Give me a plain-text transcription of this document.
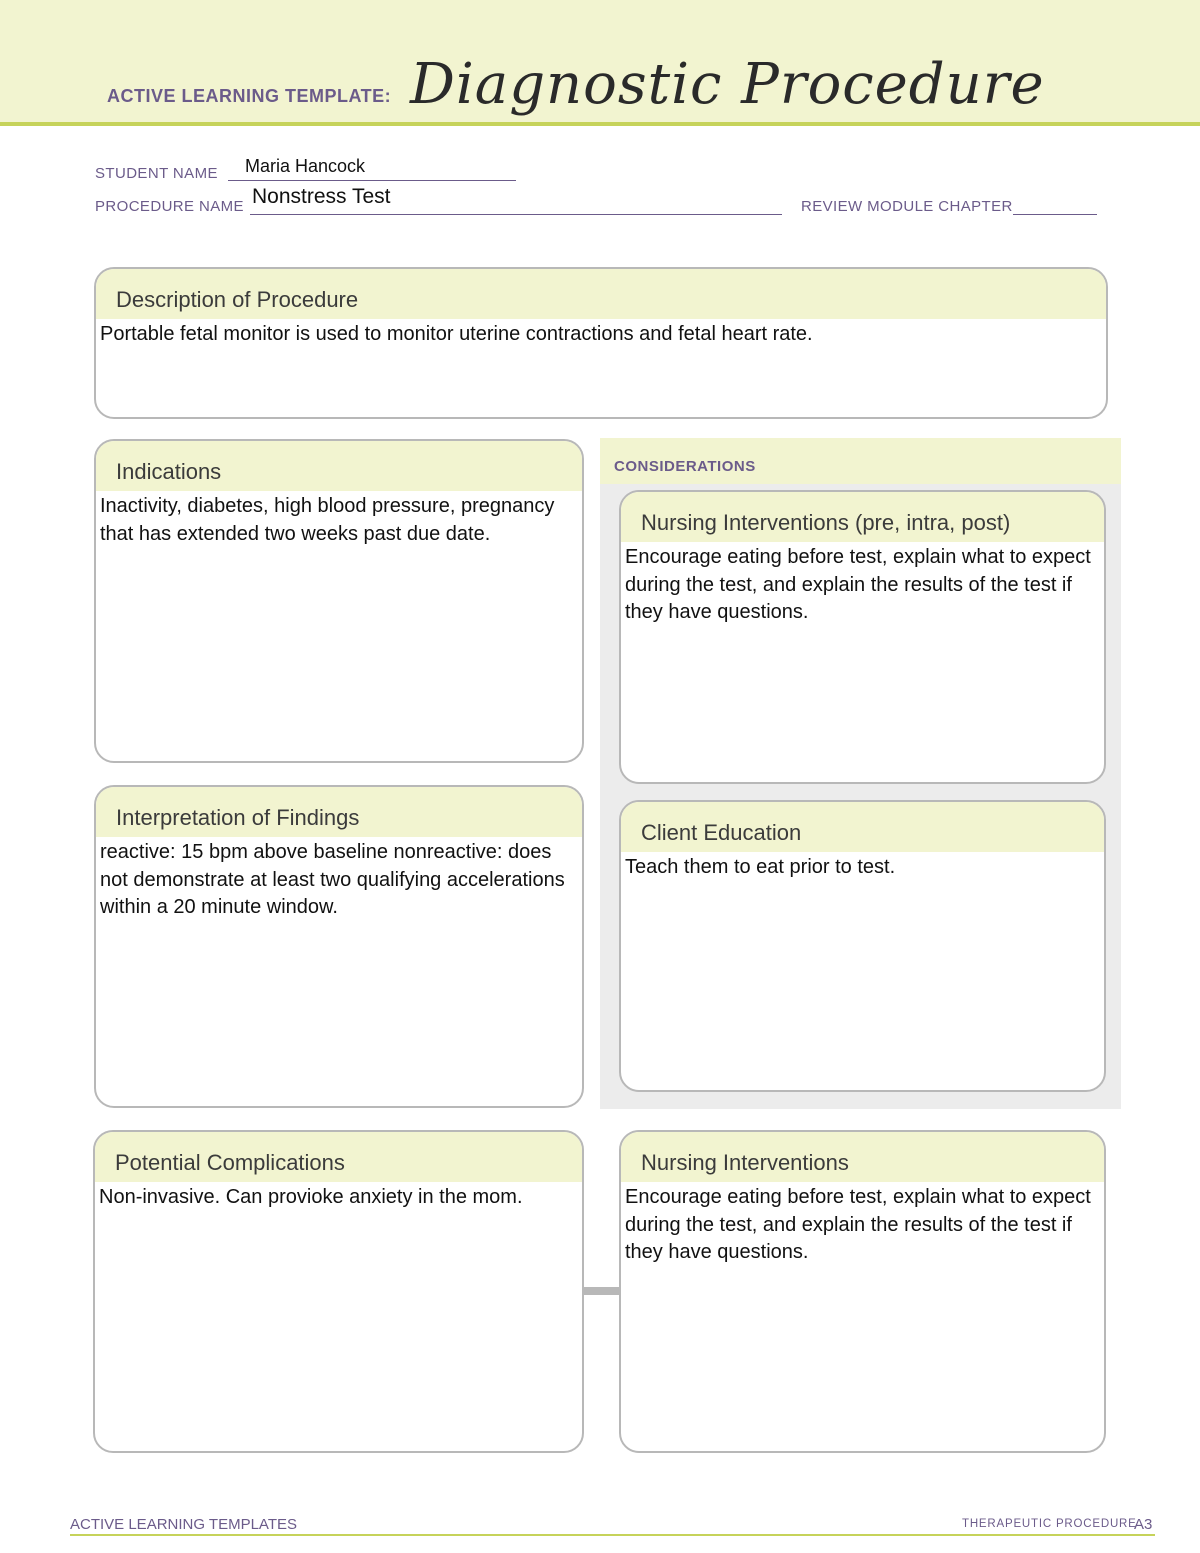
ACTIVE LEARNING TEMPLATE: Diagnostic Procedure
STUDENT NAME Maria Hancock
PROCEDURE NAME Nonstress Test	REVIEW MODULE CHAPTER
Description of Procedure
Portable fetal monitor is used to monitor uterine contractions and fetal heart rate.
CONSIDERATIONS
Indications
Inactivity, diabetes, high blood pressure, pregnancy that has extended two weeks past due date.	Nursing Interventions (pre, intra, post)
Encourage eating before test, explain what to expect during the test, and explain the results of the test if they have questions.
Interpretation of Findings
reactive: 15 bpm above baseline nonreactive: does not demonstrate at least two qualifying accelerations within a 20 minute window.
Client Education
Teach them to eat prior to test.
Potential Complications
Non-invasive. Can provioke anxiety in the mom.
Nursing Interventions
Encourage eating before test, explain what to expect during the test, and explain the results of the test if they have questions.
ACTIVE LEARNING TEMPLATES	THERAPEUTIC PROCEDURE
A3
